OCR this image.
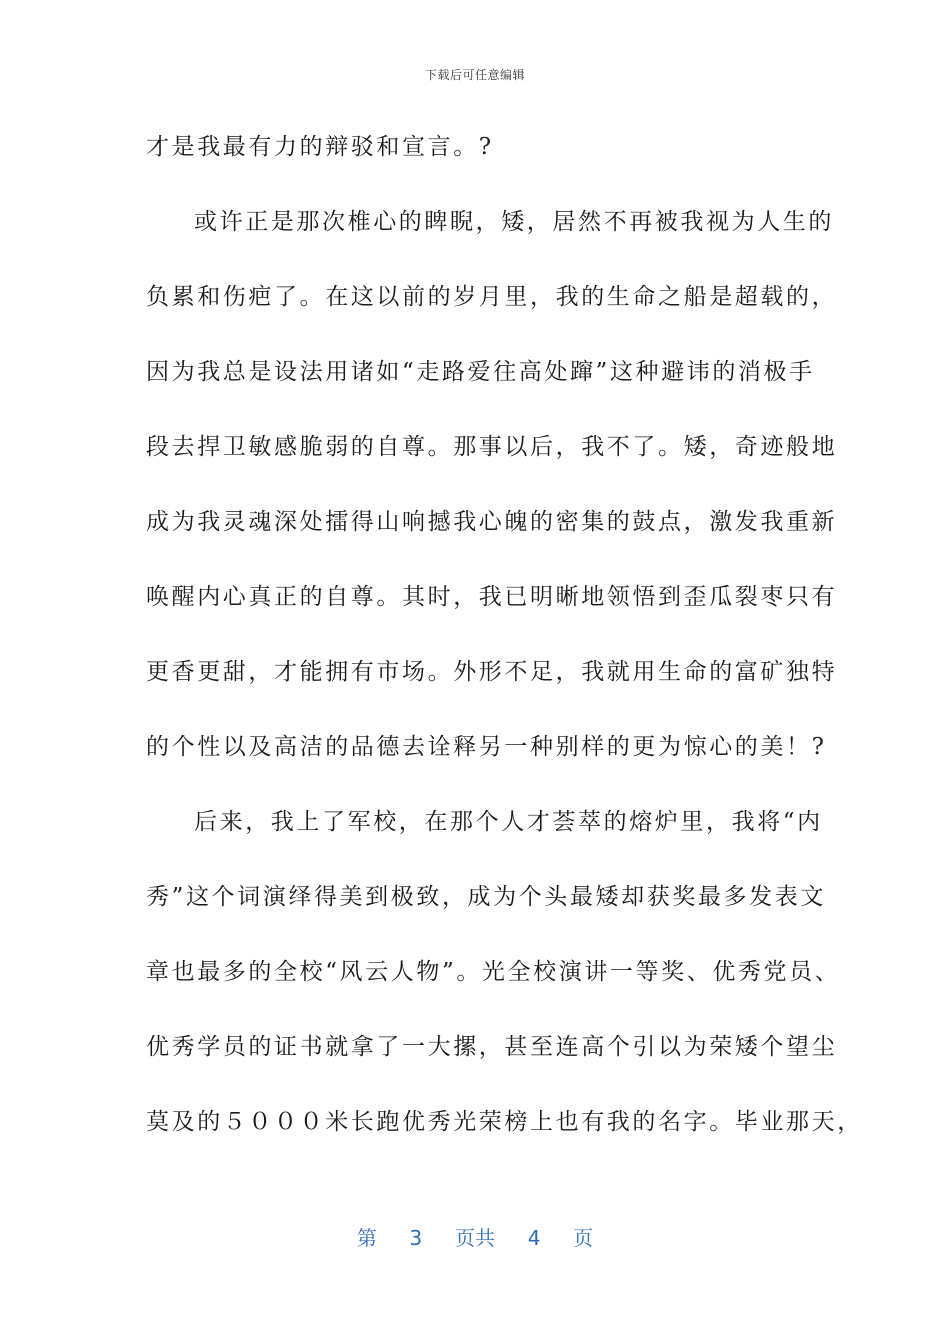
下载后可任意编辑
才是我最有力的辩驳和宣言。?
或许正是那次椎心的睥睨，矮，居然不再被我视为人生的
负累和伤疤了。在这以前的岁月里，我的生命之船是超载的，
因为我总是设法用诸如“走路爱往高处蹿”这种避讳的消极手
段去捍卫敏感脆弱的自尊。那事以后，我不了。矮，奇迹般地
成为我灵魂深处擂得山响撼我心魄的密集的鼓点，激发我重新
唤醒内心真正的自尊。其时，我已明晰地领悟到歪瓜裂枣只有
更香更甜，才能拥有市场。外形不足，我就用生命的富矿独特
的个性以及高洁的品德去诠释另一种别样的更为惊心的美！?
后来，我上了军校，在那个人才荟萃的熔炉里，我将“内
秀”这个词演绎得美到极致，成为个头最矮却获奖最多发表文
章也最多的全校“风云人物”。光全校演讲一等奖、优秀党员、
优秀学员的证书就拿了一大摞，甚至连高个引以为荣矮个望尘
莫及的５０００米长跑优秀光荣榜上也有我的名字。毕业那天，
第 3 页共 4 页
